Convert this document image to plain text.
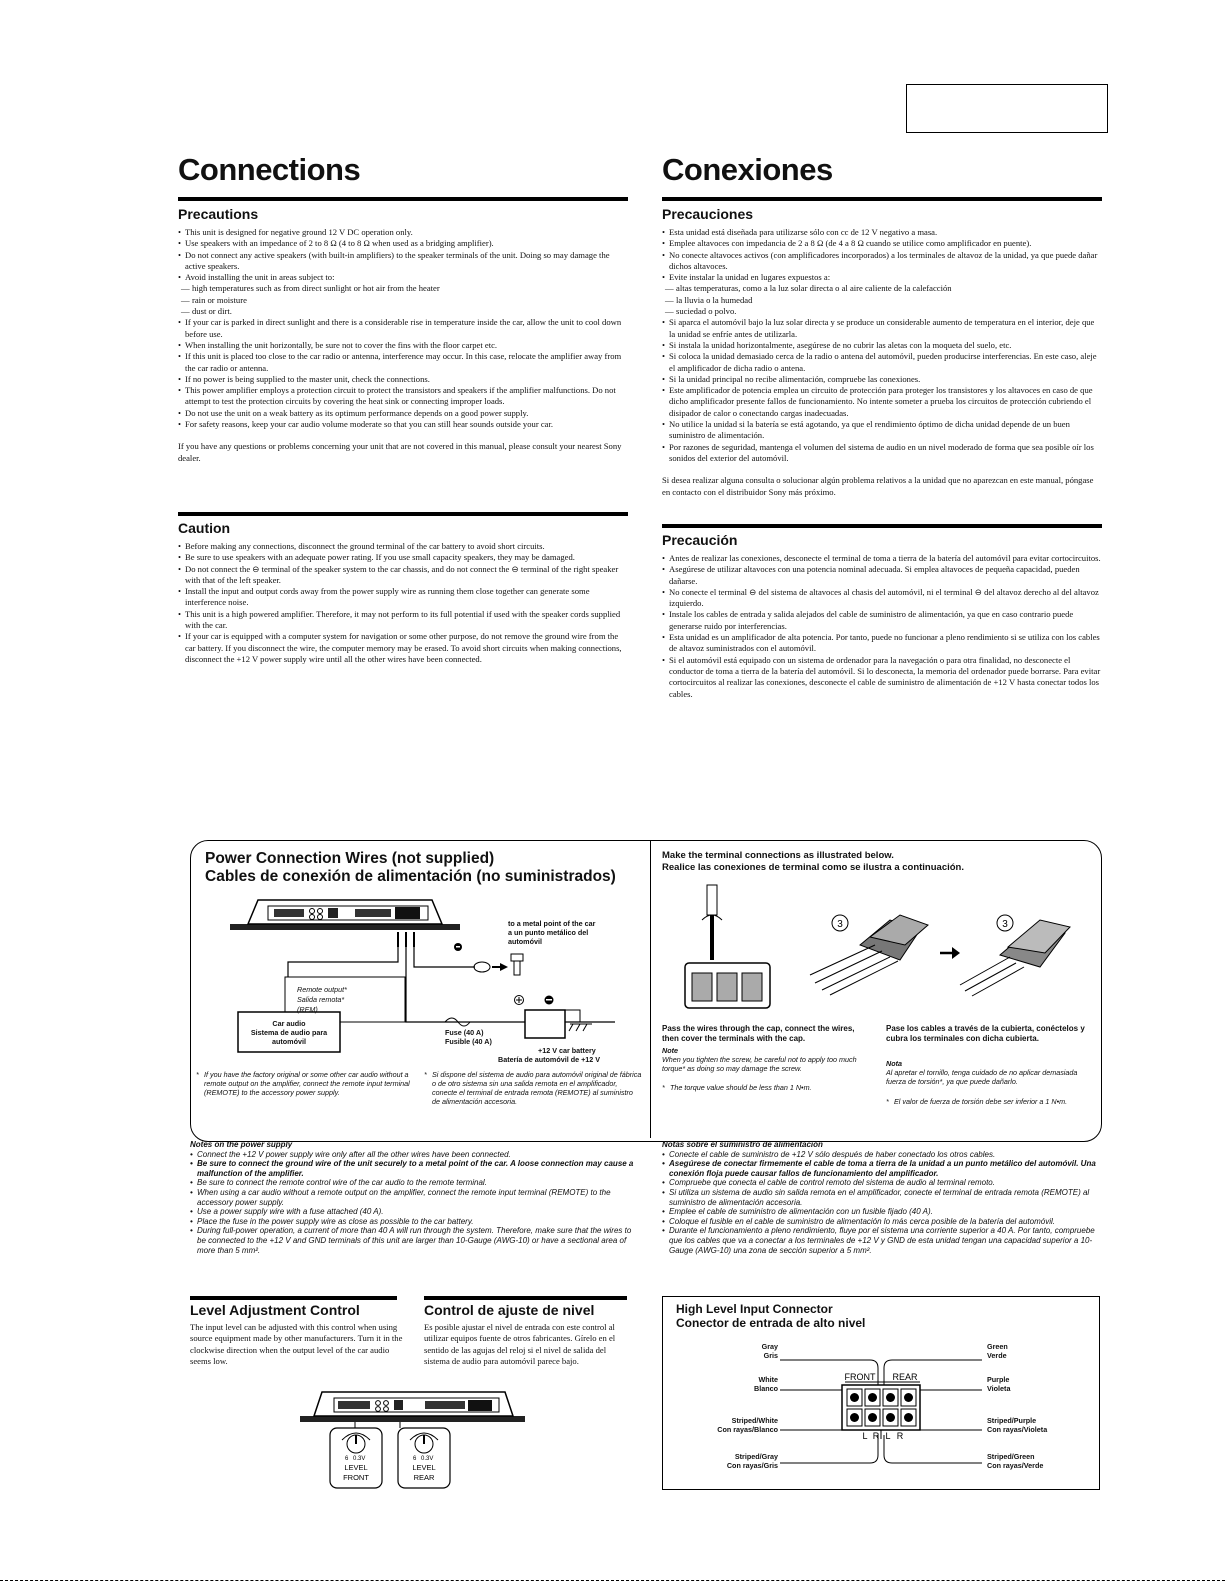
Connections
Precautions
• This unit is designed for negative ground 12 V DC operation only.
• Use speakers with an impedance of 2 to 8 Ω (4 to 8 Ω when used as a bridging amplifier).
• Do not connect any active speakers (with built-in amplifiers) to the speaker terminals of the unit. Doing so may damage the active speakers.
• Avoid installing the unit in areas subject to:
— high temperatures such as from direct sunlight or hot air from the heater
— rain or moisture
— dust or dirt.
• If your car is parked in direct sunlight and there is a considerable rise in temperature inside the car, allow the unit to cool down before use.
• When installing the unit horizontally, be sure not to cover the fins with the floor carpet etc.
• If this unit is placed too close to the car radio or antenna, interference may occur. In this case, relocate the amplifier away from the car radio or antenna.
• If no power is being supplied to the master unit, check the connections.
• This power amplifier employs a protection circuit to protect the transistors and speakers if the amplifier malfunctions. Do not attempt to test the protection circuits by covering the heat sink or connecting improper loads.
• Do not use the unit on a weak battery as its optimum performance depends on a good power supply.
• For safety reasons, keep your car audio volume moderate so that you can still hear sounds outside your car.

If you have any questions or problems concerning your unit that are not covered in this manual, please consult your nearest Sony dealer.

Caution
• Before making any connections, disconnect the ground terminal of the car battery to avoid short circuits.
• Be sure to use speakers with an adequate power rating. If you use small capacity speakers, they may be damaged.
• Do not connect the ⊖ terminal of the speaker system to the car chassis, and do not connect the ⊖ terminal of the right speaker with that of the left speaker.
• Install the input and output cords away from the power supply wire as running them close together can generate some interference noise.
• This unit is a high powered amplifier. Therefore, it may not perform to its full potential if used with the speaker cords supplied with the car.
• If your car is equipped with a computer system for navigation or some other purpose, do not remove the ground wire from the car battery. If you disconnect the wire, the computer memory may be erased. To avoid short circuits when making connections, disconnect the +12 V power supply wire until all the other wires have been connected.
Conexiones
Precauciones
• Esta unidad está diseñada para utilizarse sólo con cc de 12 V negativo a masa.
• Emplee altavoces con impedancia de 2 a 8 Ω (de 4 a 8 Ω cuando se utilice como amplificador en puente).
• No conecte altavoces activos (con amplificadores incorporados) a los terminales de altavoz de la unidad, ya que puede dañar dichos altavoces.
• Evite instalar la unidad en lugares expuestos a:
— altas temperaturas, como a la luz solar directa o al aire caliente de la calefacción
— la lluvia o la humedad
— suciedad o polvo.
• Si aparca el automóvil bajo la luz solar directa y se produce un considerable aumento de temperatura en el interior, deje que la unidad se enfríe antes de utilizarla.
• Si instala la unidad horizontalmente, asegúrese de no cubrir las aletas con la moqueta del suelo, etc.
• Si coloca la unidad demasiado cerca de la radio o antena del automóvil, pueden producirse interferencias. En este caso, aleje el amplificador de dicha radio o antena.
• Si la unidad principal no recibe alimentación, compruebe las conexiones.
• Este amplificador de potencia emplea un circuito de protección para proteger los transistores y los altavoces en caso de que dicho amplificador presente fallos de funcionamiento. No intente someter a prueba los circuitos de protección cubriendo el disipador de calor o conectando cargas inadecuadas.
• No utilice la unidad si la batería se está agotando, ya que el rendimiento óptimo de dicha unidad depende de un buen suministro de alimentación.
• Por razones de seguridad, mantenga el volumen del sistema de audio en un nivel moderado de forma que sea posible oír los sonidos del exterior del automóvil.

Si desea realizar alguna consulta o solucionar algún problema relativos a la unidad que no aparezcan en este manual, póngase en contacto con el distribuidor Sony más próximo.

Precaución
• Antes de realizar las conexiones, desconecte el terminal de toma a tierra de la batería del automóvil para evitar cortocircuitos.
• Asegúrese de utilizar altavoces con una potencia nominal adecuada. Si emplea altavoces de pequeña capacidad, pueden dañarse.
• No conecte el terminal ⊖ del sistema de altavoces al chasis del automóvil, ni el terminal ⊖ del altavoz derecho al del altavoz izquierdo.
• Instale los cables de entrada y salida alejados del cable de suministro de alimentación, ya que en caso contrario puede generarse ruido por interferencias.
• Esta unidad es un amplificador de alta potencia. Por tanto, puede no funcionar a pleno rendimiento si se utiliza con los cables de altavoz suministrados con el automóvil.
• Si el automóvil está equipado con un sistema de ordenador para la navegación o para otra finalidad, no desconecte el conductor de toma a tierra de la batería del automóvil. Si lo desconecta, la memoria del ordenador puede borrarse. Para evitar cortocircuitos al realizar las conexiones, desconecte el cable de suministro de alimentación de +12 V hasta conectar todos los cables.
Power Connection Wires (not supplied)
Cables de conexión de alimentación (no suministrados)
to a metal point of the car
a un punto metálico del
automóvil
Remote output*
Salida remota*
(REM)
Car audio
Sistema de audio para
automóvil
Fuse (40 A)
Fusible (40 A)
+12 V car battery
Batería de automóvil de +12 V
* If you have the factory original or some other car audio without a remote output on the amplifier, connect the remote input terminal (REMOTE) to the accessory power supply.
* Si dispone del sistema de audio para automóvil original de fábrica o de otro sistema sin una salida remota en el amplificador, conecte el terminal de entrada remota (REMOTE) al suministro de alimentación accesoria.
Make the terminal connections as illustrated below.
Realice las conexiones de terminal como se ilustra a continuación.
3	3
Pass the wires through the cap, connect the wires, then cover the terminals with the cap.
Note
When you tighten the screw, be careful not to apply too much torque* as doing so may damage the screw.
* The torque value should be less than 1 N•m.
Pase los cables a través de la cubierta, conéctelos y cubra los terminales con dicha cubierta.
Nota
Al apretar el tornillo, tenga cuidado de no aplicar demasiada fuerza de torsión*, ya que puede dañarlo.
* El valor de fuerza de torsión debe ser inferior a 1 N•m.
Notes on the power supply
• Connect the +12 V power supply wire only after all the other wires have been connected.
• Be sure to connect the ground wire of the unit securely to a metal point of the car. A loose connection may cause a malfunction of the amplifier.
• Be sure to connect the remote control wire of the car audio to the remote terminal.
• When using a car audio without a remote output on the amplifier, connect the remote input terminal (REMOTE) to the accessory power supply.
• Use a power supply wire with a fuse attached (40 A).
• Place the fuse in the power supply wire as close as possible to the car battery.
• During full-power operation, a current of more than 40 A will run through the system. Therefore, make sure that the wires to be connected to the +12 V and GND terminals of this unit are larger than 10-Gauge (AWG-10) or have a sectional area of more than 5 mm².
Notas sobre el suministro de alimentación
• Conecte el cable de suministro de +12 V sólo después de haber conectado los otros cables.
• Asegúrese de conectar firmemente el cable de toma a tierra de la unidad a un punto metálico del automóvil. Una conexión floja puede causar fallos de funcionamiento del amplificador.
• Compruebe que conecta el cable de control remoto del sistema de audio al terminal remoto.
• Si utiliza un sistema de audio sin salida remota en el amplificador, conecte el terminal de entrada remota (REMOTE) al suministro de alimentación accesoria.
• Emplee el cable de suministro de alimentación con un fusible fijado (40 A).
• Coloque el fusible en el cable de suministro de alimentación lo más cerca posible de la batería del automóvil.
• Durante el funcionamiento a pleno rendimiento, fluye por el sistema una corriente superior a 40 A. Por tanto, compruebe que los cables que va a conectar a los terminales de +12 V y GND de esta unidad tengan una capacidad superior a 10-Gauge (AWG-10) una zona de sección superior a 5 mm².
Level Adjustment Control
The input level can be adjusted with this control when using source equipment made by other manufacturers. Turn it in the clockwise direction when the output level of the car audio seems low.
Control de ajuste de nivel
Es posible ajustar el nivel de entrada con este control al utilizar equipos fuente de otros fabricantes. Gírelo en el sentido de las agujas del reloj si el nivel de salida del sistema de audio para automóvil parece bajo.
6 0.3V	6 0.3V
LEVEL
FRONT
LEVEL
REAR
High Level Input Connector
Conector de entrada de alto nivel
FRONT REAR
L R L R
Gray
Gris
White
Blanco
Striped/White
Con rayas/Blanco
Striped/Gray
Con rayas/Gris
Green
Verde
Purple
Violeta
Striped/Purple
Con rayas/Violeta
Striped/Green
Con rayas/Verde
